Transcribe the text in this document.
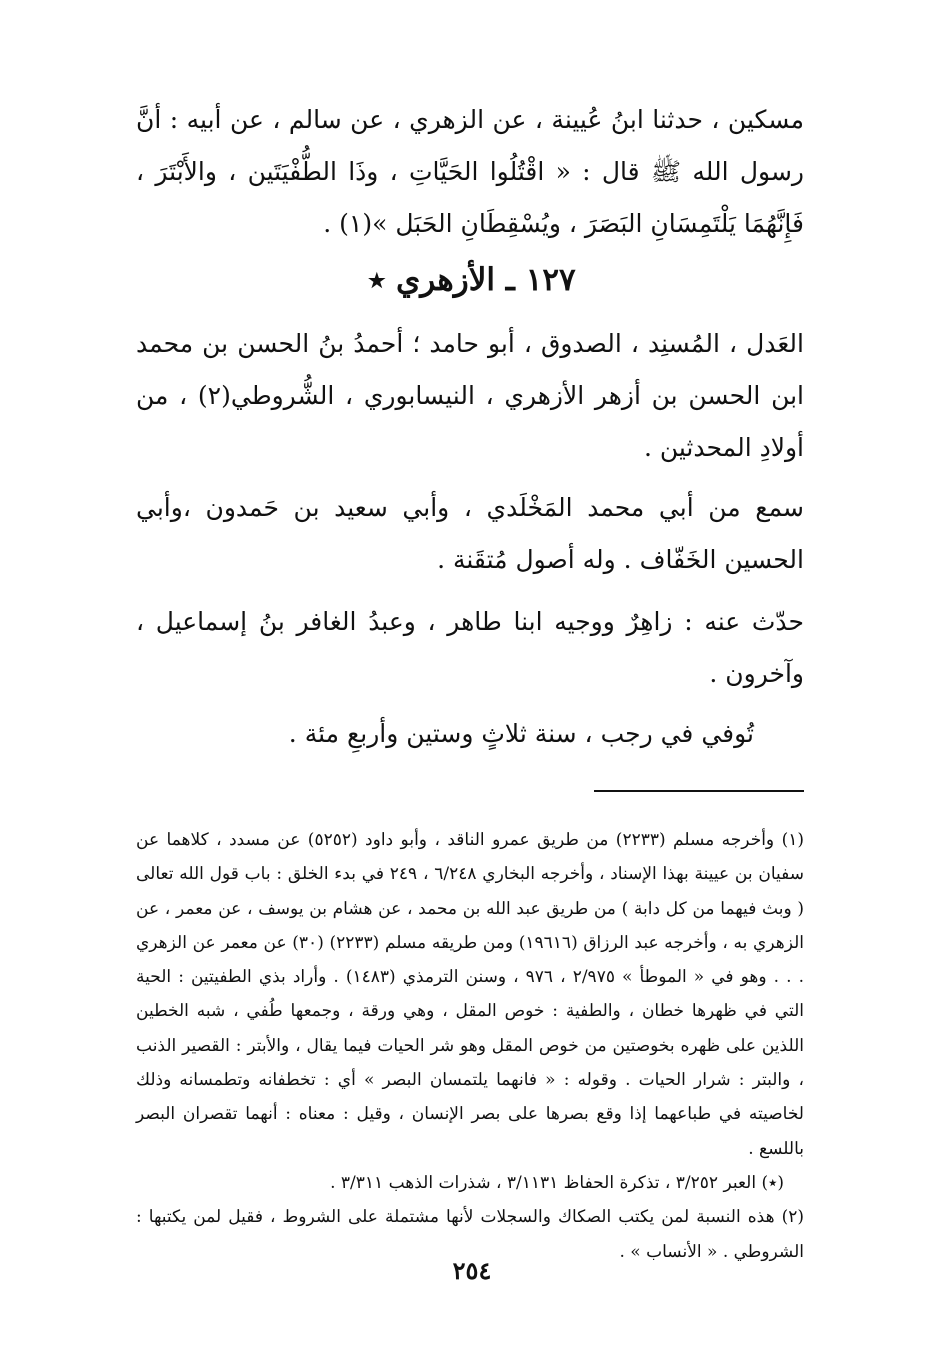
مسكين ، حدثنا ابنُ عُيينة ، عن الزهري ، عن سالم ، عن أبيه : أنَّ رسول الله ﷺ قال : « اقْتُلُوا الحَيَّاتِ ، وذَا الطُّفْيَتَين ، والأَبْتَرَ ، فَإِنَّهُمَا يَلْتَمِسَانِ البَصَرَ ، ويُسْقِطَانِ الحَبَل »(١) .

١٢٧ ـ الأزهري ٭

العَدل ، المُسنِد ، الصدوق ، أبو حامد ؛ أحمدُ بنُ الحسن بن محمد ابن الحسن بن أزهر الأزهري ، النيسابوري ، الشُّروطي(٢) ، من أولادِ المحدثين .

سمع من أبي محمد المَخْلَدي ، وأبي سعيد بن حَمدون ،وأبي الحسين الخَفّاف . وله أصول مُتقَنة .

حدّث عنه : زاهِرٌ ووجيه ابنا طاهر ، وعبدُ الغافر بنُ إسماعيل ، وآخرون .

تُوفي في رجب ، سنة ثلاثٍ وستين وأربعِ مئة .

(١) وأخرجه مسلم (٢٢٣٣) من طريق عمرو الناقد ، وأبو داود (٥٢٥٢) عن مسدد ، كلاهما عن سفيان بن عيينة بهذا الإسناد ، وأخرجه البخاري ٦/٢٤٨ ، ٢٤٩ في بدء الخلق : باب قول الله تعالى ( وبث فيهما من كل دابة ) من طريق عبد الله بن محمد ، عن هشام بن يوسف ، عن معمر ، عن الزهري به ، وأخرجه عبد الرزاق (١٩٦١٦) ومن طريقه مسلم (٢٢٣٣) (٣٠) عن معمر عن الزهري . . . وهو في « الموطأ » ٢/٩٧٥ ، ٩٧٦ ، وسنن الترمذي (١٤٨٣) . وأراد بذي الطفيتين : الحية التي في ظهرها خطان ، والطفية : خوص المقل ، وهي ورقة ، وجمعها طُفي ، شبه الخطين اللذين على ظهره بخوصتين من خوص المقل وهو شر الحيات فيما يقال ، والأبتر : القصير الذنب ، والبتر : شرار الحيات . وقوله : « فانهما يلتمسان البصر » أي : تخطفانه وتطمسانه وذلك لخاصيته في طباعهما إذا وقع بصرها على بصر الإنسان ، وقيل : معناه : أنهما تقصران البصر باللسع .

(٭) العبر ٣/٢٥٢ ، تذكرة الحفاظ ٣/١١٣١ ، شذرات الذهب ٣/٣١١ .

(٢) هذه النسبة لمن يكتب الصكاك والسجلات لأنها مشتملة على الشروط ، فقيل لمن يكتبها : الشروطي . « الأنساب » .

٢٥٤
